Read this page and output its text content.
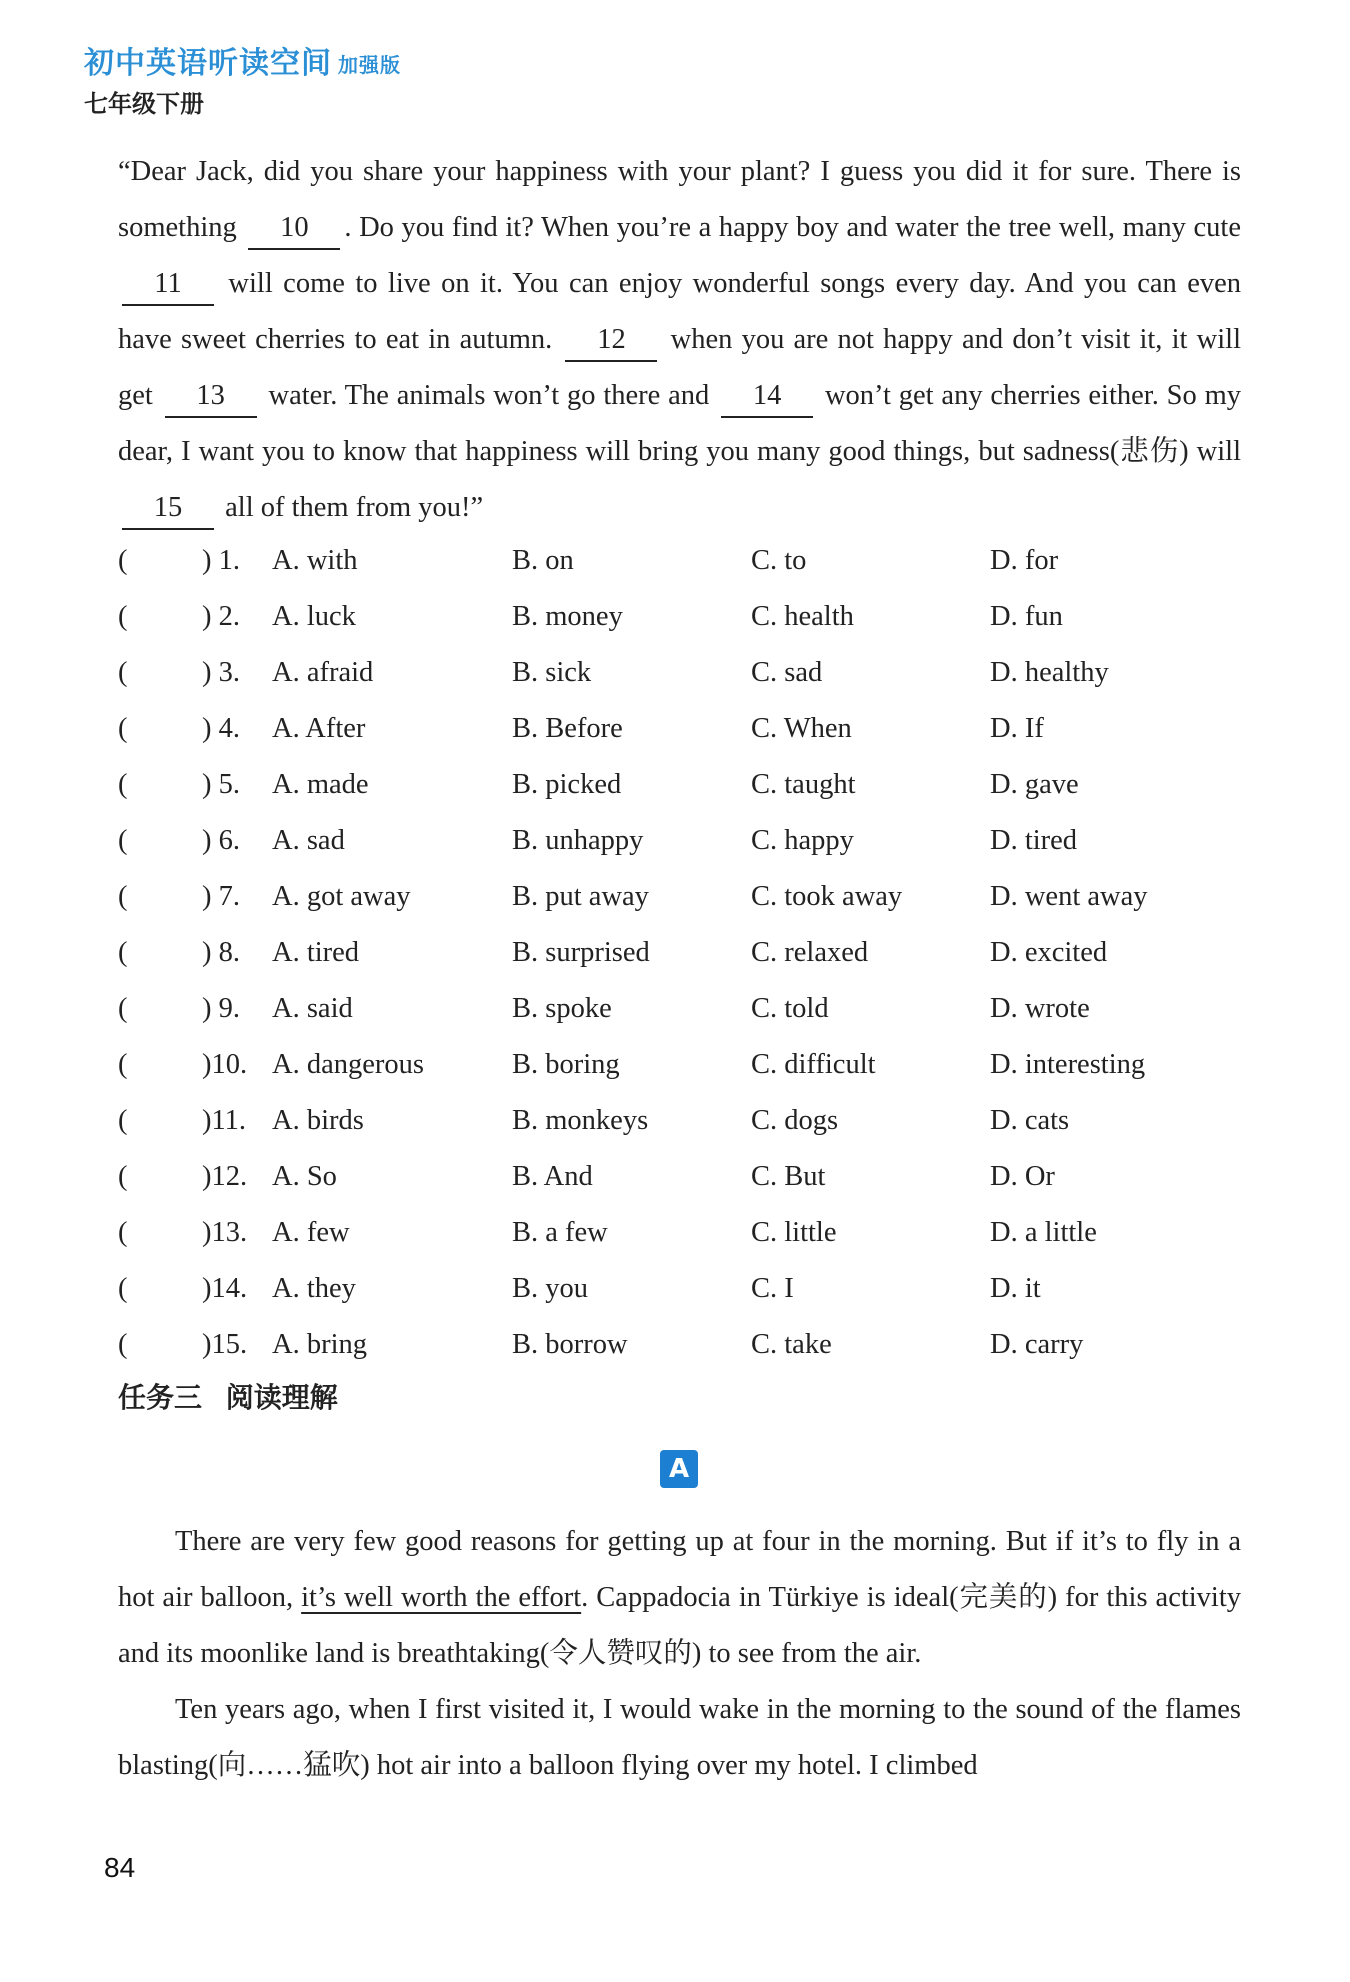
初中英语听读空间 加强版
七年级下册

“Dear Jack, did you share your happiness with your plant? I guess you did it for sure. There is something 10 . Do you find it? When you’re a happy boy and water the tree well, many cute 11 will come to live on it. You can enjoy wonderful songs every day. And you can even have sweet cherries to eat in autumn. 12 when you are not happy and don’t visit it, it will get 13 water. The animals won’t go there and 14 won’t get any cherries either. So my dear, I want you to know that happiness will bring you many good things, but sadness(悲伤) will 15 all of them from you!”

(	) 1. A. with	B. on	C. to	D. for
(	) 2. A. luck	B. money	C. health	D. fun
(	) 3. A. afraid	B. sick	C. sad	D. healthy
(	) 4. A. After	B. Before	C. When	D. If
(	) 5. A. made	B. picked	C. taught	D. gave
(	) 6. A. sad	B. unhappy	C. happy	D. tired
(	) 7. A. got away	B. put away	C. took away	D. went away
(	) 8. A. tired	B. surprised	C. relaxed	D. excited
(	) 9. A. said	B. spoke	C. told	D. wrote
(	)10. A. dangerous	B. boring	C. difficult	D. interesting
(	)11. A. birds	B. monkeys	C. dogs	D. cats
(	)12. A. So	B. And	C. But	D. Or
(	)13. A. few	B. a few	C. little	D. a little
(	)14. A. they	B. you	C. I	D. it
(	)15. A. bring	B. borrow	C. take	D. carry
任务三 阅读理解
A

There are very few good reasons for getting up at four in the morning. But if it’s to fly in a hot air balloon, it’s well worth the effort. Cappadocia in Türkiye is ideal(完美的) for this activity and its moonlike land is breathtaking(令人赞叹的) to see from the air.

Ten years ago, when I first visited it, I would wake in the morning to the sound of the flames blasting(向……猛吹) hot air into a balloon flying over my hotel. I climbed

84
